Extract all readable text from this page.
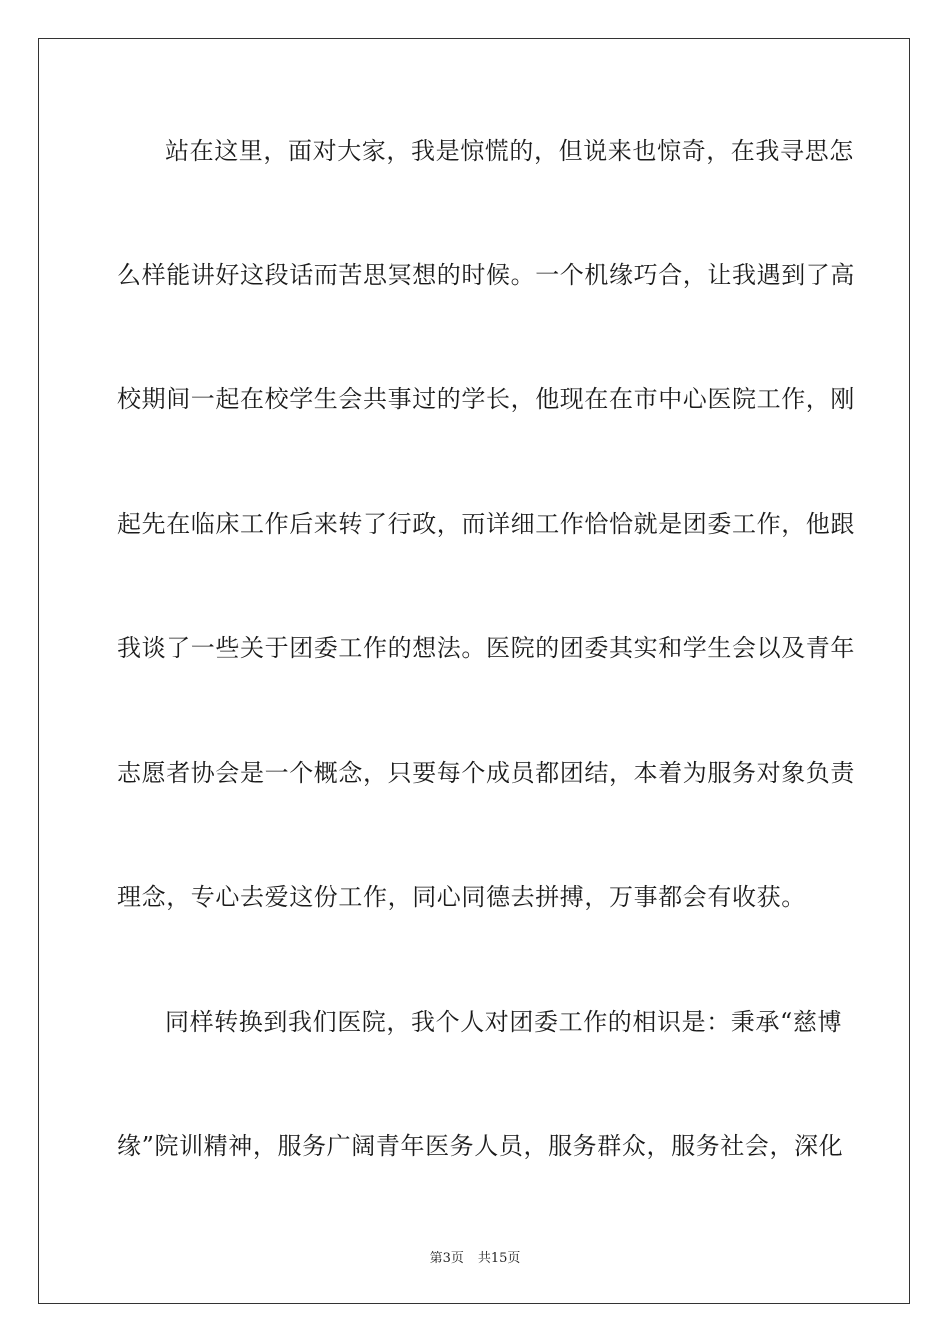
站在这里，面对大家，我是惊慌的，但说来也惊奇，在我寻思怎
么样能讲好这段话而苦思冥想的时候。一个机缘巧合，让我遇到了高
校期间一起在校学生会共事过的学长，他现在在市中心医院工作，刚
起先在临床工作后来转了行政，而详细工作恰恰就是团委工作，他跟
我谈了一些关于团委工作的想法。医院的团委其实和学生会以及青年
志愿者协会是一个概念，只要每个成员都团结，本着为服务对象负责
理念，专心去爱这份工作，同心同德去拼搏，万事都会有收获。
同样转换到我们医院，我个人对团委工作的相识是：秉承“慈博
缘”院训精神，服务广阔青年医务人员，服务群众，服务社会，深化
第3页 共15页
